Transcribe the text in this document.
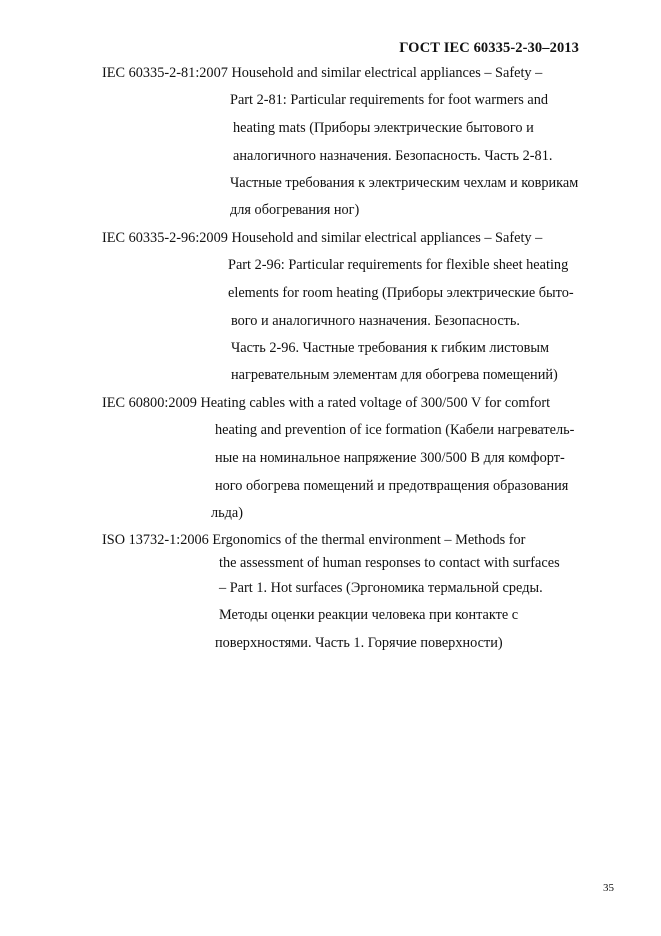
ГОСТ IEC 60335-2-30–2013
IEC 60335-2-81:2007 Household and similar electrical appliances – Safety –
Part 2-81: Particular requirements for foot warmers and
heating mats (Приборы электрические бытового и
аналогичного назначения. Безопасность. Часть 2-81.
Частные требования к электрическим чехлам и коврикам
для обогревания ног)
IEC 60335-2-96:2009 Household and similar electrical appliances – Safety –
Part 2-96: Particular requirements for flexible sheet heating
elements for room heating (Приборы электрические быто-
вого и аналогичного назначения. Безопасность.
Часть 2-96. Частные требования к гибким листовым
нагревательным элементам для обогрева помещений)
IEC 60800:2009 Heating cables with a rated voltage of 300/500 V for comfort
heating and prevention of ice formation (Кабели нагреватель-
ные на номинальное напряжение 300/500 В для комфорт-
ного обогрева помещений и предотвращения образования
льда)
ISO 13732-1:2006 Ergonomics of the thermal environment – Methods for
the assessment of human responses to contact with surfaces
– Part 1. Hot surfaces (Эргономика термальной среды.
Методы оценки реакции человека при контакте с
поверхностями. Часть 1. Горячие поверхности)
35
